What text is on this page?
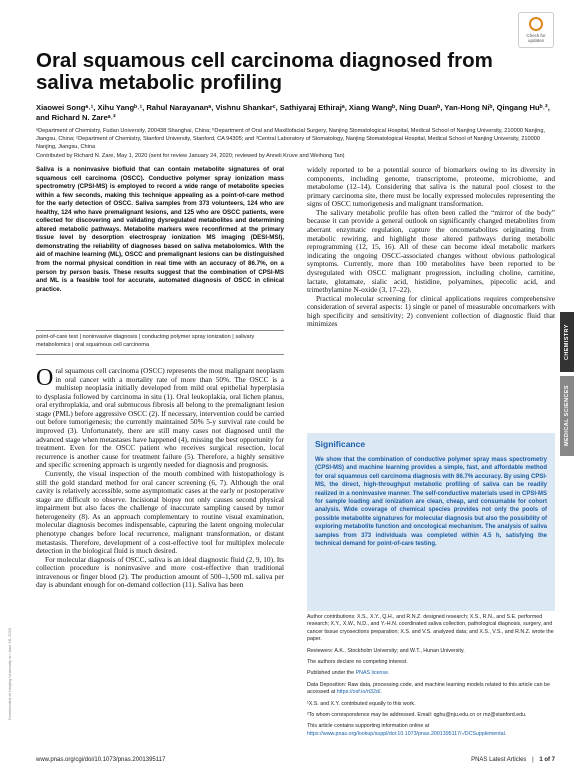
Check for
updates
Oral squamous cell carcinoma diagnosed from saliva metabolic profiling
Xiaowei Songᵃ˒¹, Xihu Yangᵇ˒¹, Rahul Narayananᵃ, Vishnu Shankarᶜ, Sathiyaraj Ethirajᵃ, Xiang Wangᵇ, Ning Duanᵇ, Yan-Hong Niᵇ, Qingang Huᵇ˒², and Richard N. Zareᵃ˒²
ᵃDepartment of Chemistry, Fudan University, 200438 Shanghai, China; ᵇDepartment of Oral and Maxillofacial Surgery, Nanjing Stomatological Hospital, Medical School of Nanjing University, 210000 Nanjing, Jiangsu, China; ᶜDepartment of Chemistry, Stanford University, Stanford, CA 94305; and ᵈCentral Laboratory of Stomatology, Nanjing Stomatological Hospital, Medical School of Nanjing University, 210000 Nanjing, Jiangsu, China
Contributed by Richard N. Zare, May 1, 2020 (sent for review January 24, 2020; reviewed by Anneli Kruve and Weihong Tan)
Saliva is a noninvasive biofluid that can contain metabolite signatures of oral squamous cell carcinoma (OSCC). Conductive polymer spray ionization mass spectrometry (CPSI-MS) is employed to record a wide range of metabolite species within a few seconds, making this technique appealing as a point-of-care method for the early detection of OSCC. Saliva samples from 373 volunteers, 124 who are healthy, 124 who have premalignant lesions, and 125 who are OSCC patients, were collected for discovering and validating dysregulated metabolites and determining altered metabolic pathways. Metabolite markers were reconfirmed at the primary tissue level by desorption electrospray ionization MS imaging (DESI-MSI), demonstrating the reliability of diagnoses based on saliva metabolomics. With the aid of machine learning (ML), OSCC and premalignant lesions can be distinguished from the normal physical condition in real time with an accuracy of 86.7%, on a person by person basis. These results suggest that the combination of CPSI-MS and ML is a feasible tool for accurate, automated diagnosis of OSCC in clinical practice.
point-of-care test | noninvasive diagnosis | conducting polymer spray ionization | salivary metabolomics | oral squamous cell carcinoma
O ral squamous cell carcinoma (OSCC) represents the most malignant neoplasm in oral cancer with a mortality rate of more than 50%. The OSCC is a multistep neoplasia initially developed from mild oral epithelial hyperplasia to dysplasia followed by carcinoma in situ (1). Oral leukoplakia, oral lichen planus, oral erythroplakia, and oral submucous fibrosis all belong to the premalignant lesion stage (PML) before aggressive OSCC (2). If necessary, intervention could be carried out before tumorigenesis; the currently maintained 50% 5-y survival rate could be improved (3). Unfortunately, there are still many cases not diagnosed until the advanced stage when metastases have happened (4), missing the best opportunity for treatment. Even for the OSCC patient who receives surgical resection, local recurrence is another cause for treatment failure (5). Therefore, a highly sensitive and specific screening approach is urgently needed for diagnosis and prognosis.
Currently, the visual inspection of the mouth combined with histopathology is still the gold standard method for oral cancer screening (6, 7). Although the oral cavity is relatively accessible, some asymptomatic cases at the early or postoperative stage are difficult to observe. Incisional biopsy not only causes second physical impairment but also faces the challenge of inaccurate sampling caused by tumor heterogeneity (8). As an approach complementary to routine visual examination, molecular diagnosis becomes indispensable, capturing the latent ongoing molecular phenotype changes before local recurrence, malignant transformation, or distant metastasis. Therefore, development of a cost-effective tool for multiplex molecule detection in the biological fluid is much desired.
For molecular diagnosis of OSCC, saliva is an ideal diagnostic fluid (2, 9, 10). Its collection procedure is noninvasive and more cost-effective than traditional intravenous or finger blood (2). The production amount of 500–1,500 mL saliva per day is abundant enough for on-demand collection (11). Saliva has been
widely reported to be a potential source of biomarkers owing to its diversity in components, including genome, transcriptome, proteome, microbiome, and metabolome (12–14). Considering that saliva is the natural pool closest to the primary carcinoma site, there must be locally expressed molecules representing the signs of OSCC tumorigenesis and malignant transformation.
The salivary metabolic profile has often been called the “mirror of the body” because it can provide a general outlook on significantly changed metabolites from aberrant enzymatic regulation, capture the oncometabolites originating from metabolic rewiring, and highlight those altered pathways during metabolic reprogramming (12, 15, 16). All of these can become ideal metabolic markers indicating the ongoing OSCC-associated changes without obvious pathological symptoms. Currently, more than 100 metabolites have been reported to be dysregulated with OSCC malignant progression, including choline, carnitine, lactate, glutamate, sialic acid, histidine, polyamines, pipecolic acid, and trimethylamine N-oxide (3, 17–22).
Practical molecular screening for clinical applications requires comprehensive consideration of several aspects: 1) single or panel of measurable oncomarkers with high specificity and sensitivity; 2) convenient collection of diagnostic fluid that minimizes
Significance

We show that the combination of conductive polymer spray mass spectrometry (CPSI-MS) and machine learning provides a simple, fast, and affordable method for oral squamous cell carcinoma diagnosis with 86.7% accuracy. By using CPSI-MS, the direct, high-throughput metabolic profiling of saliva can be readily realized in a noninvasive manner. The self-conductive materials used in CPSI-MS for sample loading and ionization are clean, cheap, and consumable for cohort analysis. Wide coverage of chemical species provides not only the pools of possible metabolite signatures for molecular diagnosis but also the possibility of exploring metabolite function and oncological mechanism. The analysis of saliva samples from 373 individuals was completed within 4.5 h, satisfying the technical demand for point-of-care testing.

Author contributions: X.S., X.Y., Q.H., and R.N.Z. designed research; X.S., R.N., and S.E. performed research; X.Y., X.W., N.D., and Y.-H.N. coordinated saliva collection, pathological diagnosis, surgery, and cancer tissue cryosections preparation; X.S. and V.S. analyzed data; and X.S., V.S., and R.N.Z. wrote the paper.

Reviewers: A.K., Stockholm University; and W.T., Hunan University.

The authors declare no competing interest.

Published under the PNAS license.

Data Deposition: Raw data, processing code, and machine learning models related to this article can be accessed at https://osf.io/rt32d/.

¹X.S. and X.Y. contributed equally to this work.

²To whom correspondence may be addressed. Email: qghu@nju.edu.cn or rnz@stanford.edu.

This article contains supporting information online at https://www.pnas.org/lookup/suppl/doi:10.1073/pnas.2001395117/-/DCSupplemental.

CHEMISTRY
MEDICAL SCIENCES
Downloaded at Nanjing University on June 28, 2020
www.pnas.org/cgi/doi/10.1073/pnas.2001395117	PNAS Latest Articles | 1 of 7
